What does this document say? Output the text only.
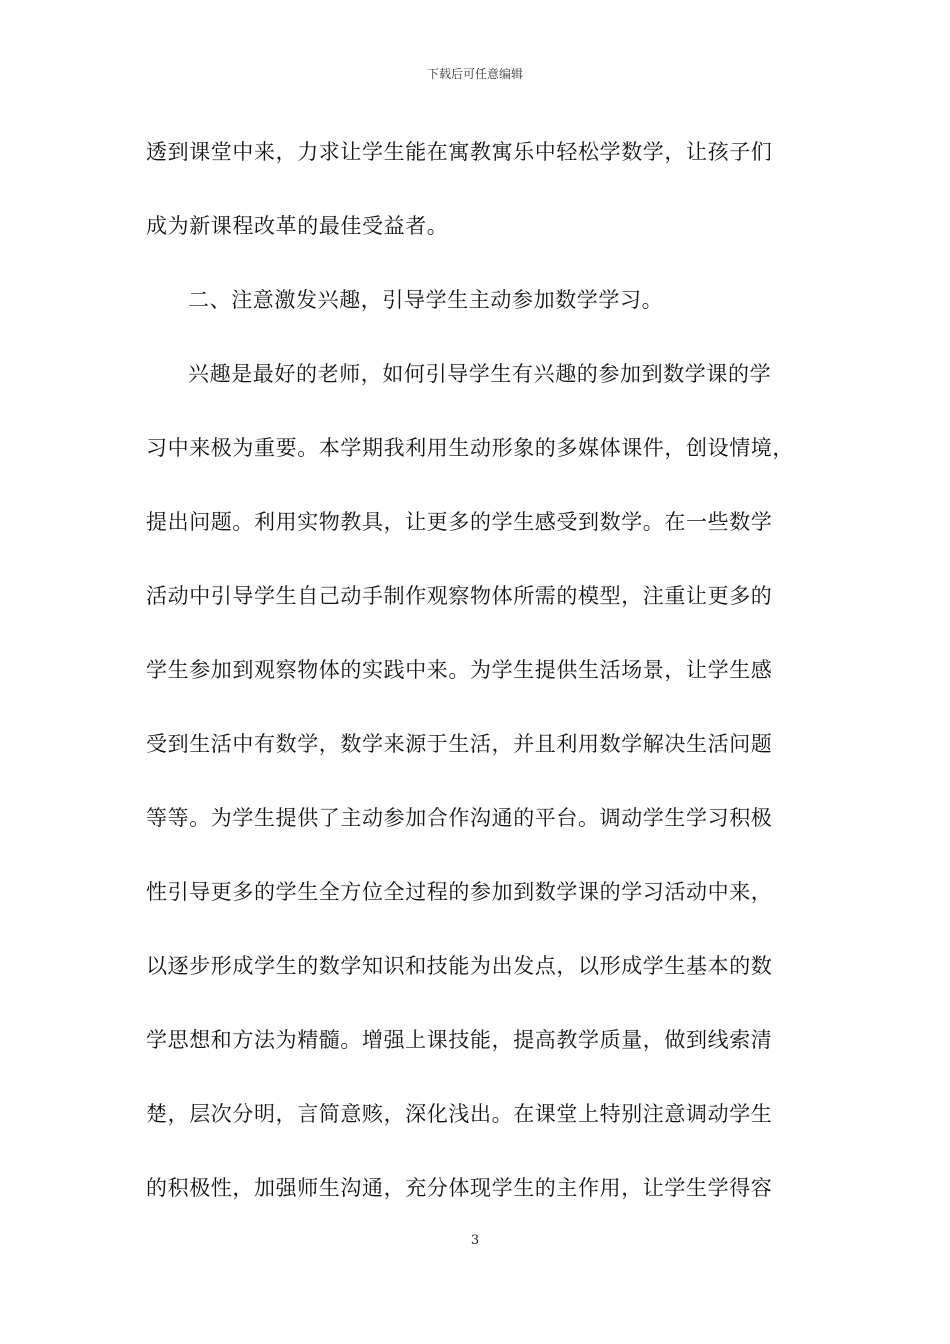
下载后可任意编辑
透到课堂中来，力求让学生能在寓教寓乐中轻松学数学，让孩子们
成为新课程改革的最佳受益者。
二、注意激发兴趣，引导学生主动参加数学学习。
兴趣是最好的老师，如何引导学生有兴趣的参加到数学课的学
习中来极为重要。本学期我利用生动形象的多媒体课件，创设情境，
提出问题。利用实物教具，让更多的学生感受到数学。在一些数学
活动中引导学生自己动手制作观察物体所需的模型，注重让更多的
学生参加到观察物体的实践中来。为学生提供生活场景，让学生感
受到生活中有数学，数学来源于生活，并且利用数学解决生活问题
等等。为学生提供了主动参加合作沟通的平台。调动学生学习积极
性引导更多的学生全方位全过程的参加到数学课的学习活动中来，
以逐步形成学生的数学知识和技能为出发点，以形成学生基本的数
学思想和方法为精髓。增强上课技能，提高教学质量，做到线索清
楚，层次分明，言简意赅，深化浅出。在课堂上特别注意调动学生
的积极性，加强师生沟通，充分体现学生的主作用，让学生学得容
3
